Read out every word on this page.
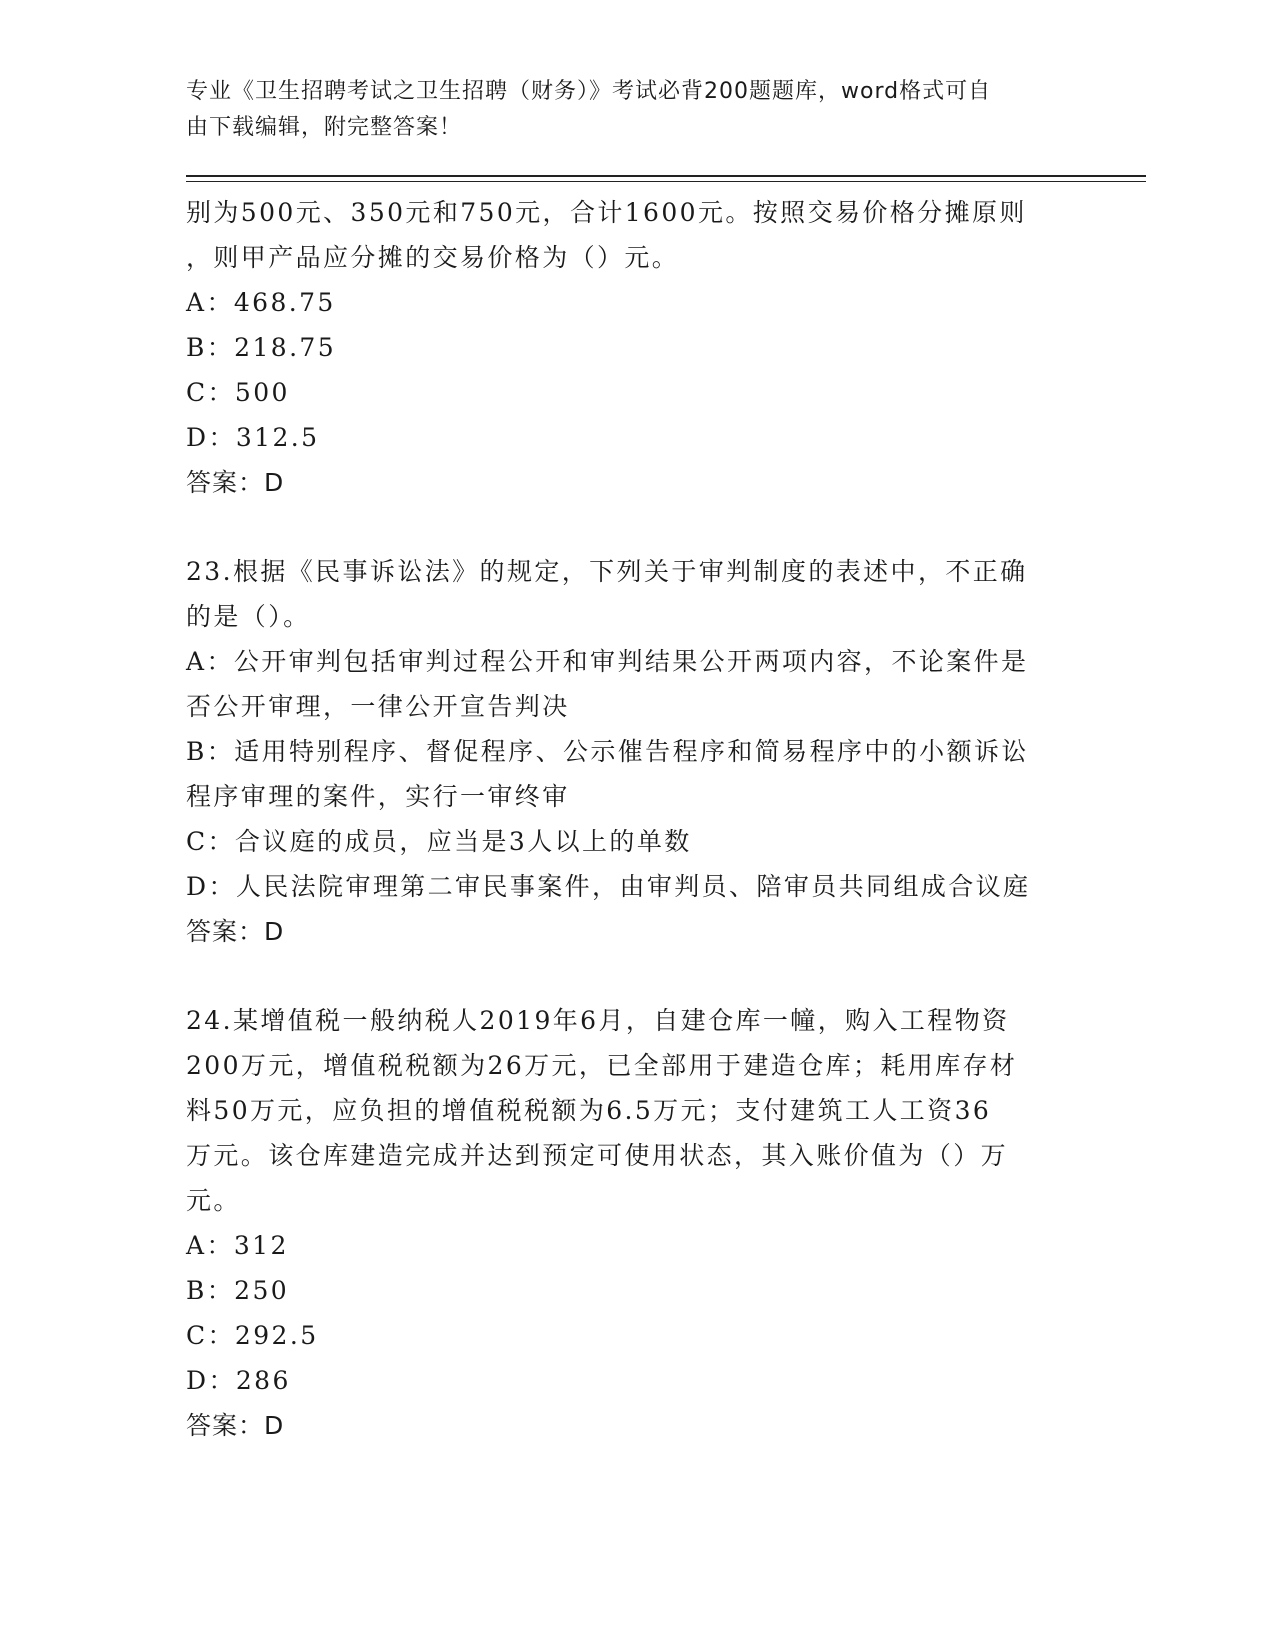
专业《卫生招聘考试之卫生招聘（财务）》考试必背200题题库，word格式可自
由下载编辑，附完整答案！
别为500元、350元和750元，合计1600元。按照交易价格分摊原则
，则甲产品应分摊的交易价格为（）元。
A：468.75
B：218.75
C：500
D：312.5
答案：D
23.根据《民事诉讼法》的规定，下列关于审判制度的表述中，不正确
的是（）。
A：公开审判包括审判过程公开和审判结果公开两项内容，不论案件是
否公开审理，一律公开宣告判决
B：适用特别程序、督促程序、公示催告程序和简易程序中的小额诉讼
程序审理的案件，实行一审终审
C：合议庭的成员，应当是3人以上的单数
D：人民法院审理第二审民事案件，由审判员、陪审员共同组成合议庭
答案：D
24.某增值税一般纳税人2019年6月，自建仓库一幢，购入工程物资
200万元，增值税税额为26万元，已全部用于建造仓库；耗用库存材
料50万元，应负担的增值税税额为6.5万元；支付建筑工人工资36
万元。该仓库建造完成并达到预定可使用状态，其入账价值为（）万
元。
A：312
B：250
C：292.5
D：286
答案：D
